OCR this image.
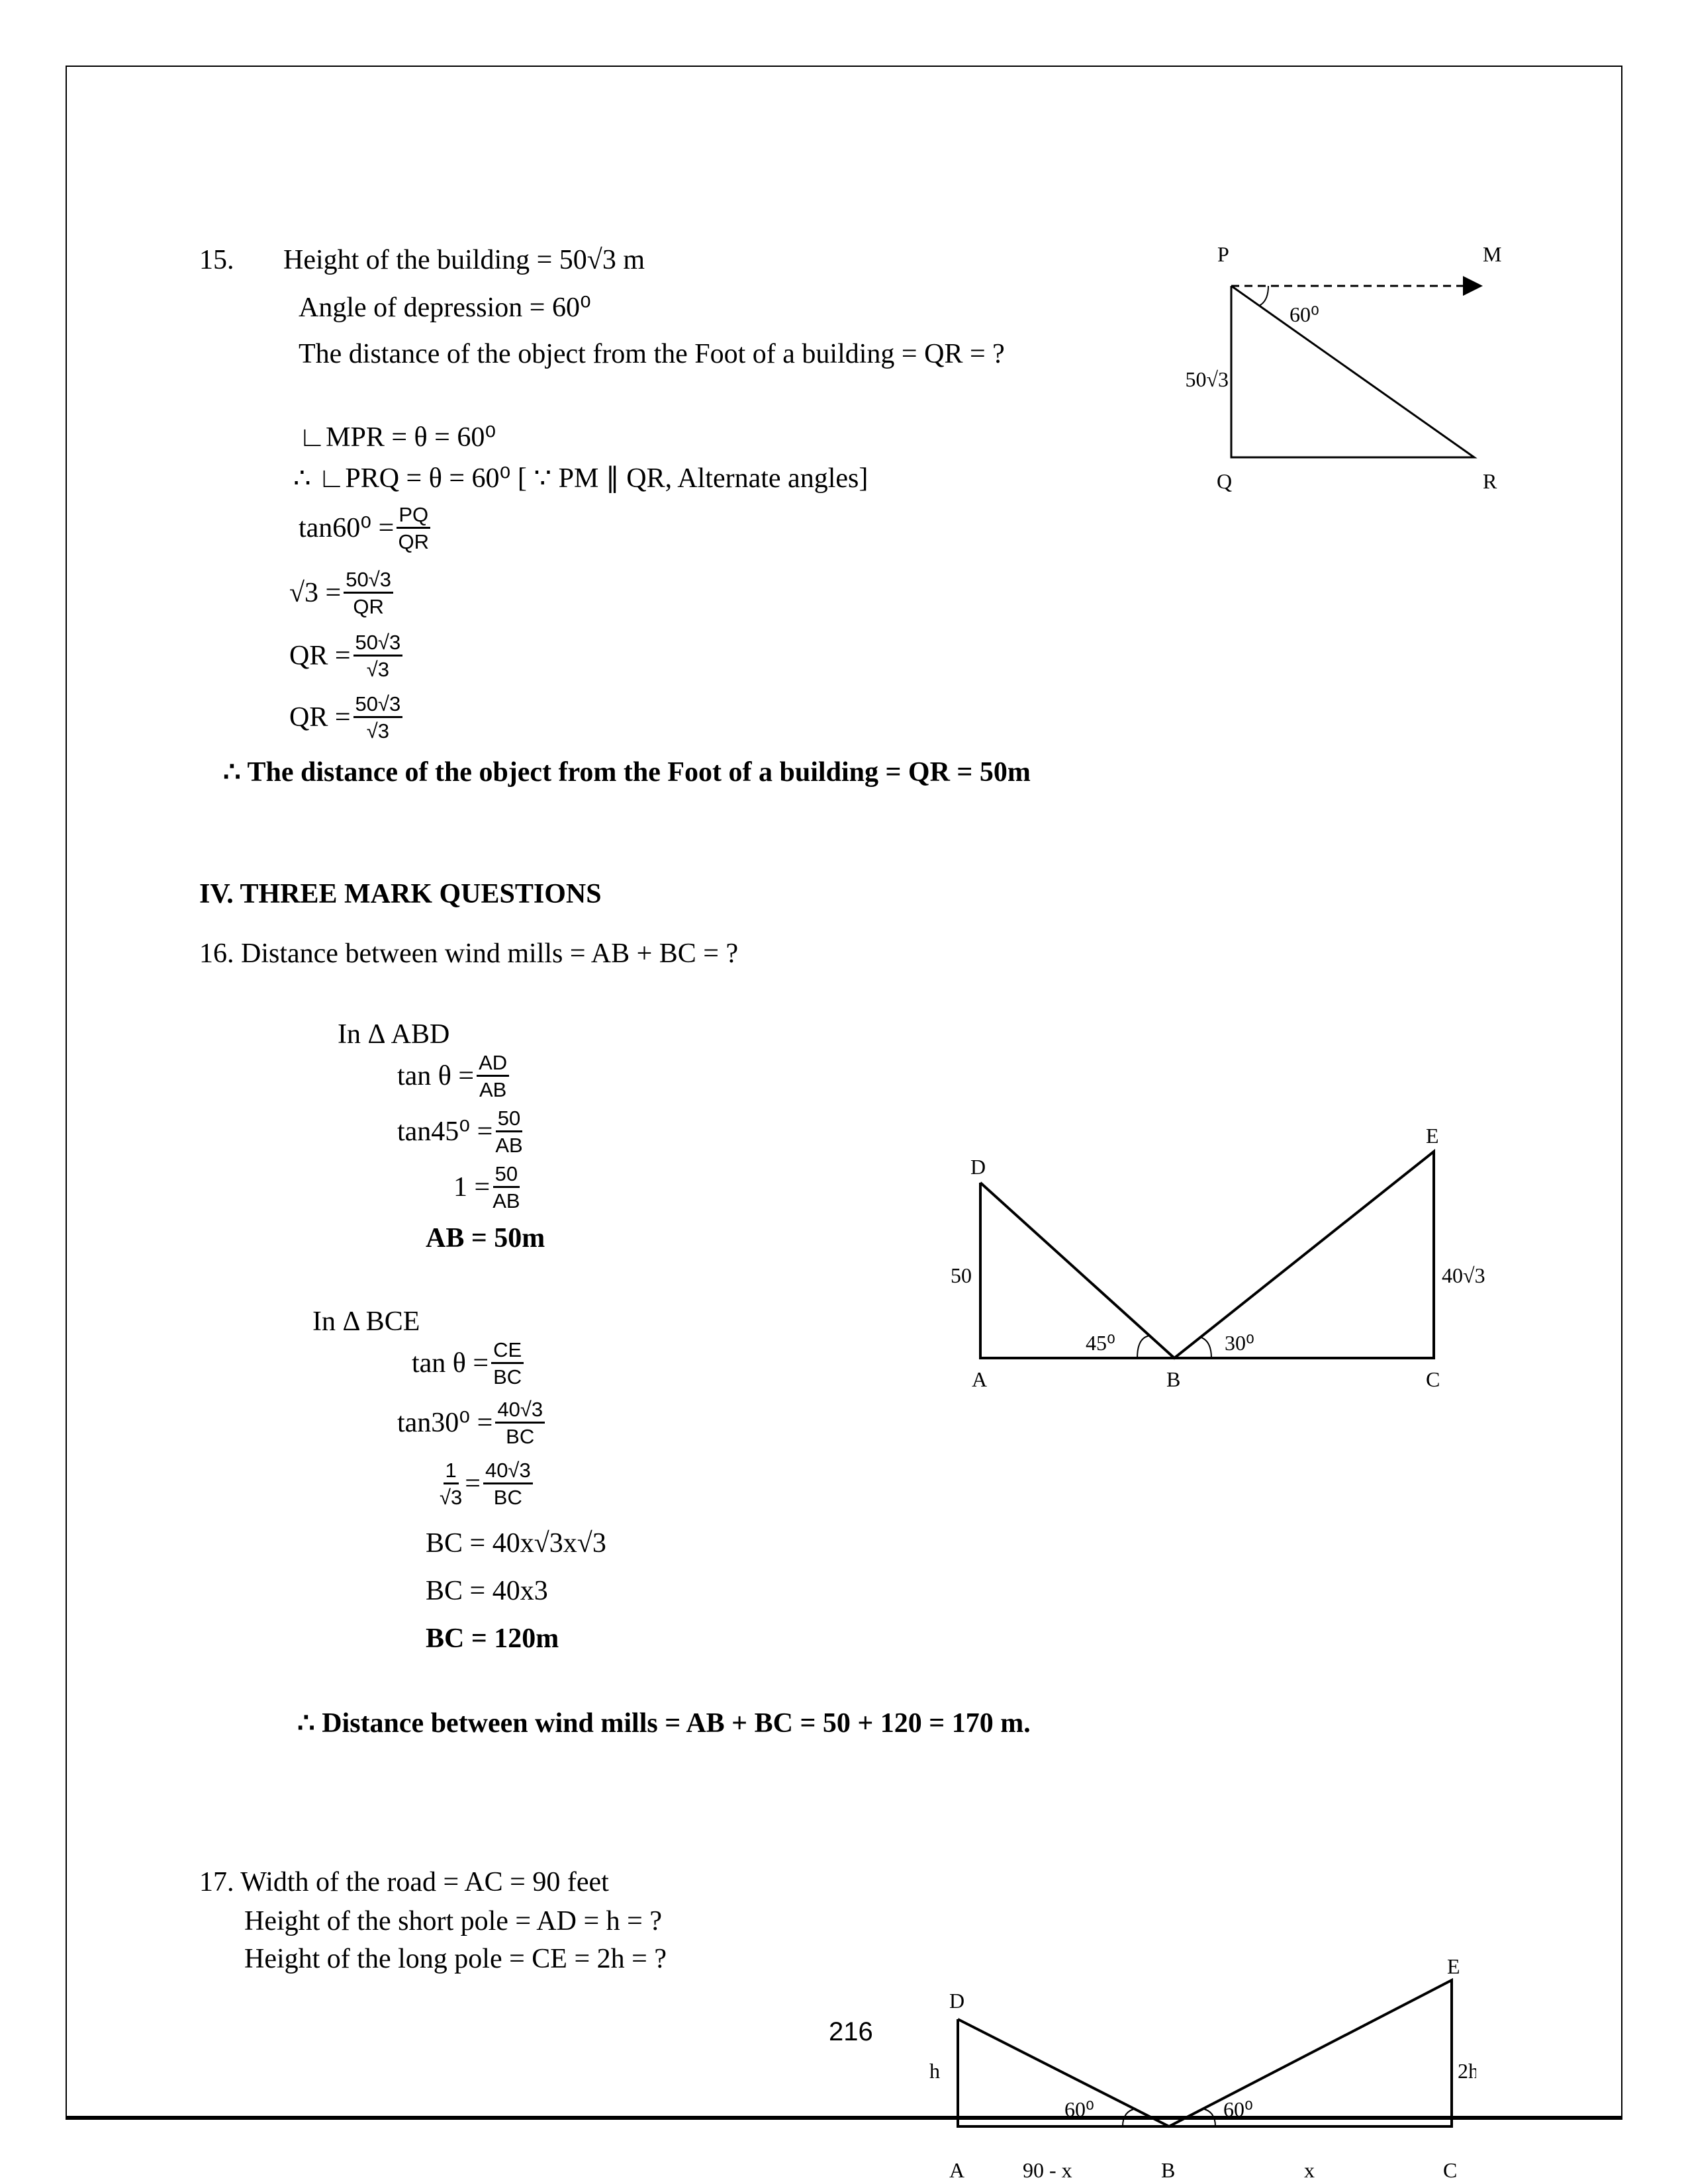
15. Height of the building = 50√3 m
Angle of depression = 60⁰
The distance of the object from the Foot of a building = QR = ?
∟MPR = θ = 60⁰
∴ ∟PRQ = θ = 60⁰ [ ∵ PM ∥ QR, Alternate angles]
$\tan 60^0 = \frac{PQ}{QR}$
$√3 = \frac{50√3}{QR}$
QR = $\frac{50√3}{√3}$
QR = $\frac{50√3}{√3}$
∴ The distance of the object from the Foot of a building = QR = 50m
IV. THREE MARK QUESTIONS
16. Distance between wind mills = AB + BC = ?
In Δ ABD
$\tan \theta = \frac{AD}{AB}$
$\tan 45^0 = \frac{50}{AB}$
$1 = \frac{50}{AB}$
AB = 50m
In Δ BCE
$\tan \theta = \frac{CE}{BC}$
$\tan 30^0 = \frac{40√3}{BC}$
$\frac{1}{√3} = \frac{40√3}{BC}$
BC = 40x√3x√3
BC = 40x3
BC = 120m
∴ Distance between wind mills = AB + BC = 50 + 120 = 170 m.
17. Width of the road = AC = 90 feet
Height of the short pole = AD = h = ?
Height of the long pole = CE = 2h = ?
216
P	M
Q	R
50√3
60⁰
D
E
50	40√3
45⁰	30⁰
A	B	C
D
E
h	2h
60⁰	60⁰
A	90 - x	B	x	C
